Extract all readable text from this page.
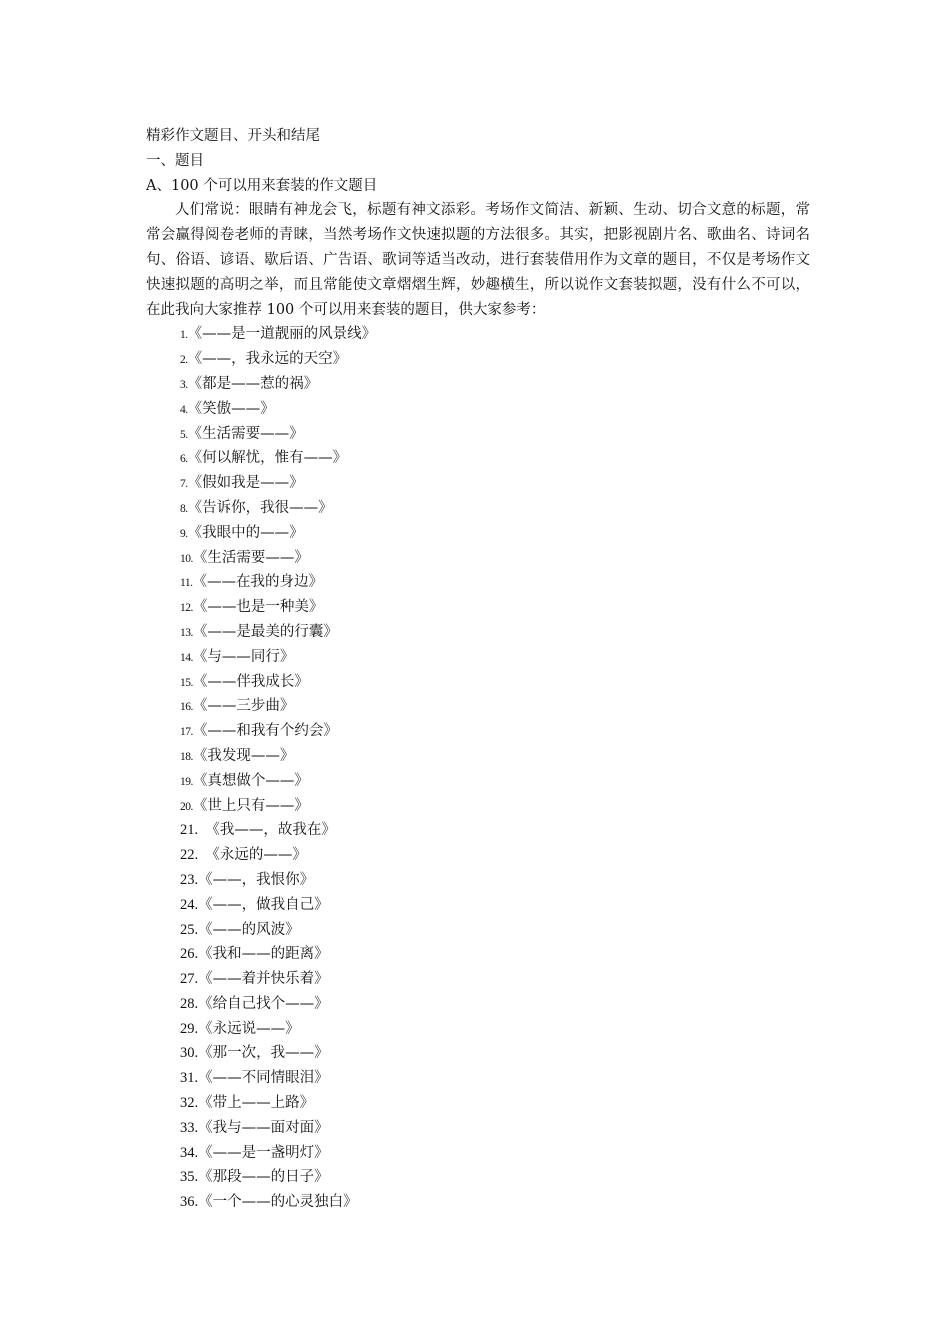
精彩作文题目、开头和结尾
一、题目
A、100 个可以用来套装的作文题目

人们常说：眼睛有神龙会飞，标题有神文添彩。考场作文简洁、新颖、生动、切合文意的标题，常常会赢得阅卷老师的青睐，当然考场作文快速拟题的方法很多。其实，把影视剧片名、歌曲名、诗词名句、俗语、谚语、歇后语、广告语、歌词等适当改动，进行套装借用作为文章的题目，不仅是考场作文快速拟题的高明之举，而且常能使文章熠熠生辉，妙趣横生，所以说作文套装拟题，没有什么不可以，在此我向大家推荐 100 个可以用来套装的题目，供大家参考：

1.《——是一道靓丽的风景线》
2.《——，我永远的天空》
3.《都是——惹的祸》
4.《笑傲——》
5.《生活需要——》
6.《何以解忧，惟有——》
7.《假如我是——》
8.《告诉你，我很——》
9.《我眼中的——》
10.《生活需要——》
11.《——在我的身边》
12.《——也是一种美》
13.《——是最美的行囊》
14.《与——同行》
15.《——伴我成长》
16.《——三步曲》
17.《——和我有个约会》
18.《我发现——》
19.《真想做个——》
20.《世上只有——》
21.　《我——，故我在》
22.　《永远的——》
23.《——，我恨你》
24.《——，做我自己》
25.《——的风波》
26.《我和——的距离》
27.《——着并快乐着》
28.《给自己找个——》
29.《永远说——》
30.《那一次，我——》
31.《——不同情眼泪》
32.《带上——上路》
33.《我与——面对面》
34.《——是一盏明灯》
35.《那段——的日子》
36.《一个——的心灵独白》
